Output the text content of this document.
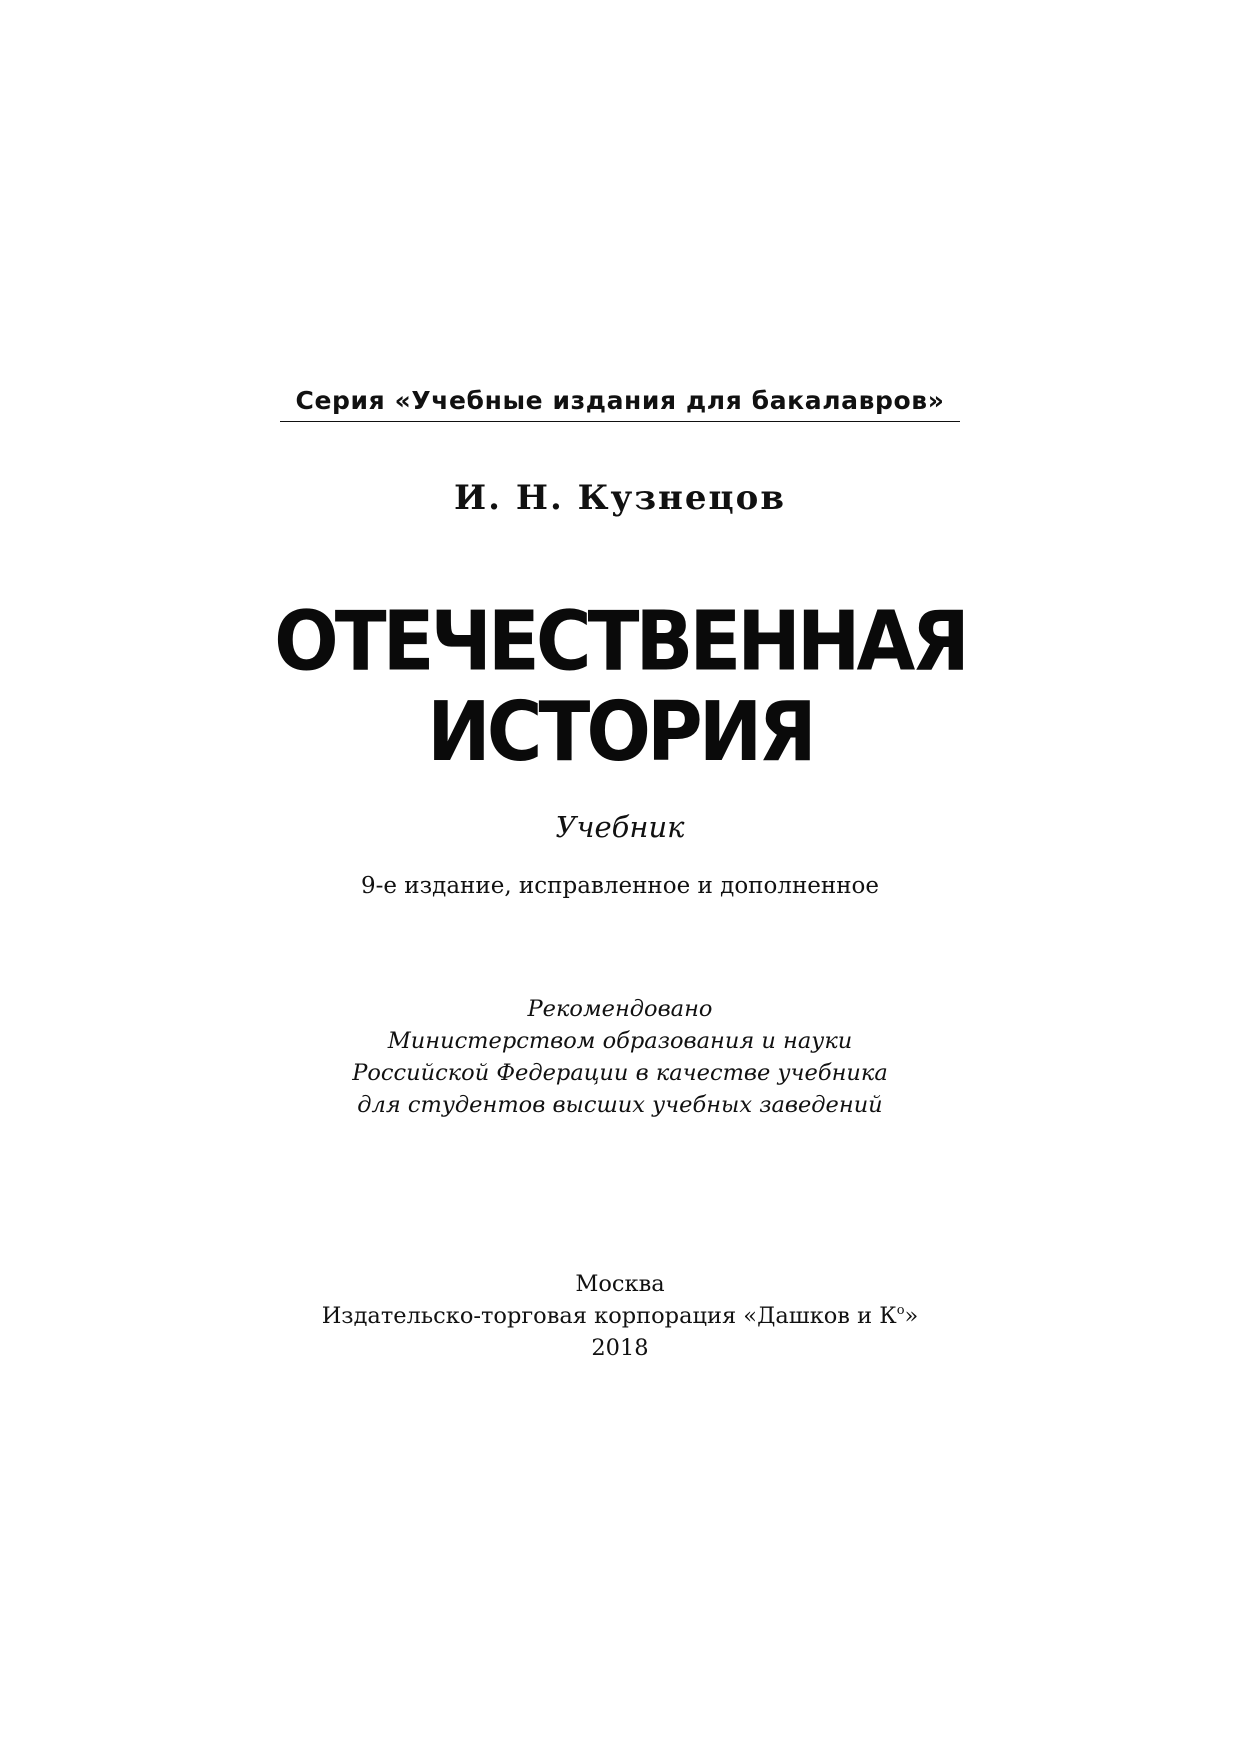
Серия «Учебные издания для бакалавров»
И. Н. Кузнецов
ОТЕЧЕСТВЕННАЯ
ИСТОРИЯ
Учебник
9-е издание, исправленное и дополненное
Рекомендовано
Министерством образования и науки
Российской Федерации в качестве учебника
для студентов высших учебных заведений
Москва
Издательско-торговая корпорация «Дашков и $К^о$»
2018
